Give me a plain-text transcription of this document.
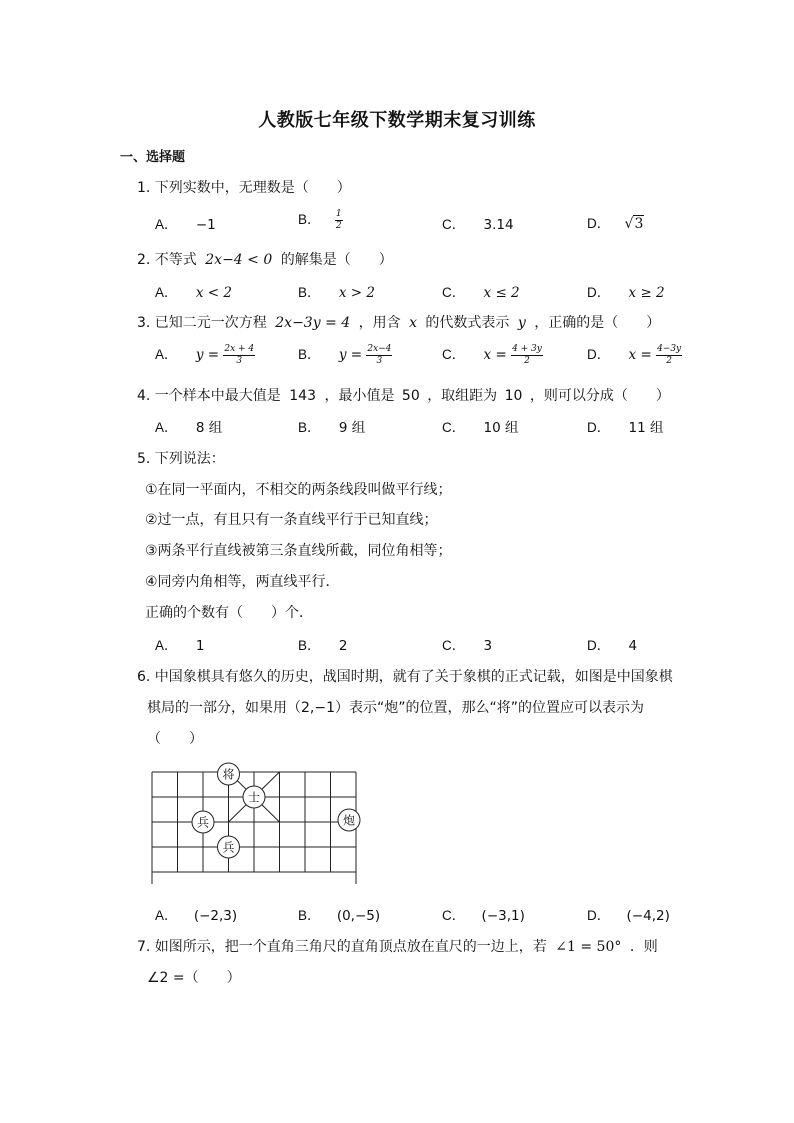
人教版七年级下数学期末复习训练
一、选择题
1. 下列实数中，无理数是（　　）
A． −1	B． $\frac{1}{2}$	C． 3.14	D． √3
2. 不等式 2x−4 < 0 的解集是（　　）
A． x < 2	B． x > 2	C． x ≤ 2	D． x ≥ 2
3. 已知二元一次方程 2x−3y = 4 ，用含 x 的代数式表示 y ，正确的是（　　）
A． $y = \frac{2x + 4}{3}$	B． $y = \frac{2x-4}{3}$	C． $x = \frac{4 + 3y}{2}$	D． $x = \frac{4-3y}{2}$
4. 一个样本中最大值是 143 ，最小值是 50 ，取组距为 10 ，则可以分成（　　）
A． 8 组	B． 9 组	C． 10 组	D． 11 组
5. 下列说法：
①在同一平面内，不相交的两条线段叫做平行线；
②过一点，有且只有一条直线平行于已知直线；
③两条平行直线被第三条直线所截，同位角相等；
④同旁内角相等，两直线平行．
正确的个数有（　　）个．
A． 1	B． 2	C． 3	D． 4
6. 中国象棋具有悠久的历史，战国时期，就有了关于象棋的正式记载，如图是中国象棋
棋局的一部分，如果用（2,−1）表示“炮”的位置，那么“将”的位置应可以表示为
（　　）
将
士
兵	炮
兵
A． (−2,3)	B． (0,−5)	C． (−3,1)	D． (−4,2)
7. 如图所示，把一个直角三角尺的直角顶点放在直尺的一边上，若 ∠1 = 50° ．则
∠2 =（　　）
